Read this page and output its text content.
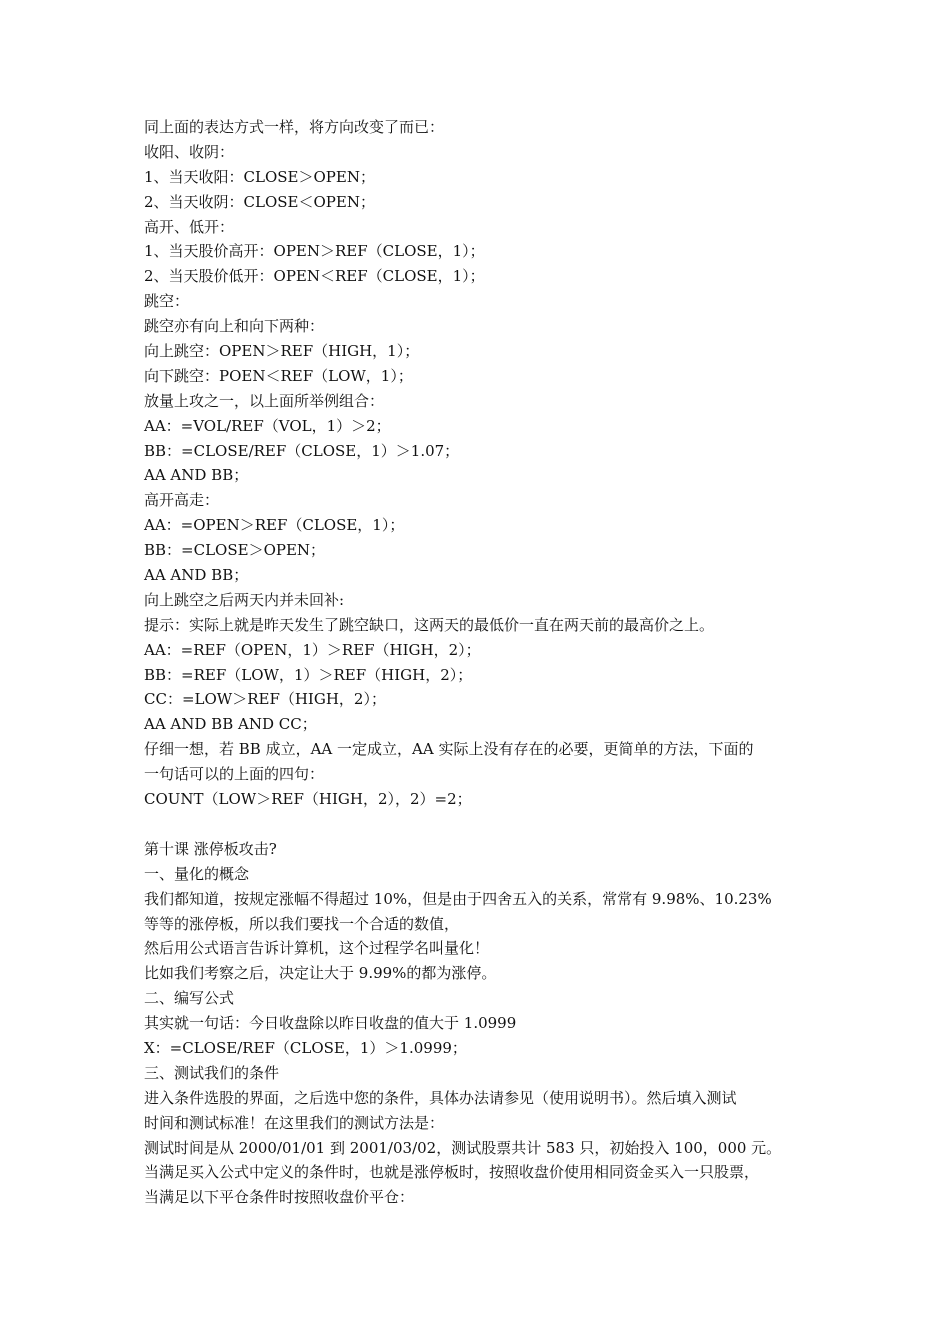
同上面的表达方式一样，将方向改变了而已：
收阳、收阴：
1、当天收阳：CLOSE＞OPEN；
2、当天收阴：CLOSE＜OPEN；
高开、低开：
1、当天股价高开：OPEN＞REF（CLOSE，1）；
2、当天股价低开：OPEN＜REF（CLOSE，1）；
跳空：
跳空亦有向上和向下两种：
向上跳空：OPEN＞REF（HIGH，1）；
向下跳空：POEN＜REF（LOW，1）；
放量上攻之一，以上面所举例组合：
AA：=VOL/REF（VOL，1）＞2；
BB：=CLOSE/REF（CLOSE，1）＞1.07；
AA AND BB；
高开高走：
AA：=OPEN＞REF（CLOSE，1）；
BB：=CLOSE＞OPEN；
AA AND BB；
向上跳空之后两天内并未回补:
提示：实际上就是昨天发生了跳空缺口，这两天的最低价一直在两天前的最高价之上。
AA：=REF（OPEN，1）＞REF（HIGH，2）；
BB：=REF（LOW，1）＞REF（HIGH，2）；
CC：=LOW＞REF（HIGH，2）；
AA AND BB AND CC；
仔细一想，若 BB 成立，AA 一定成立，AA 实际上没有存在的必要，更简单的方法，下面的
一句话可以的上面的四句：
COUNT（LOW＞REF（HIGH，2），2）=2；
第十课 涨停板攻击?
一、量化的概念
我们都知道，按规定涨幅不得超过 10%，但是由于四舍五入的关系，常常有 9.98%、10.23%
等等的涨停板，所以我们要找一个合适的数值，
然后用公式语言告诉计算机，这个过程学名叫量化！
比如我们考察之后，决定让大于 9.99%的都为涨停。
二、编写公式
其实就一句话：今日收盘除以昨日收盘的值大于 1.0999
X：=CLOSE/REF（CLOSE，1）＞1.0999；
三、测试我们的条件
进入条件选股的界面，之后选中您的条件，具体办法请参见（使用说明书）。然后填入测试
时间和测试标准！在这里我们的测试方法是：
测试时间是从 2000/01/01 到 2001/03/02，测试股票共计 583 只，初始投入 100，000 元。
当满足买入公式中定义的条件时，也就是涨停板时，按照收盘价使用相同资金买入一只股票，
当满足以下平仓条件时按照收盘价平仓：
